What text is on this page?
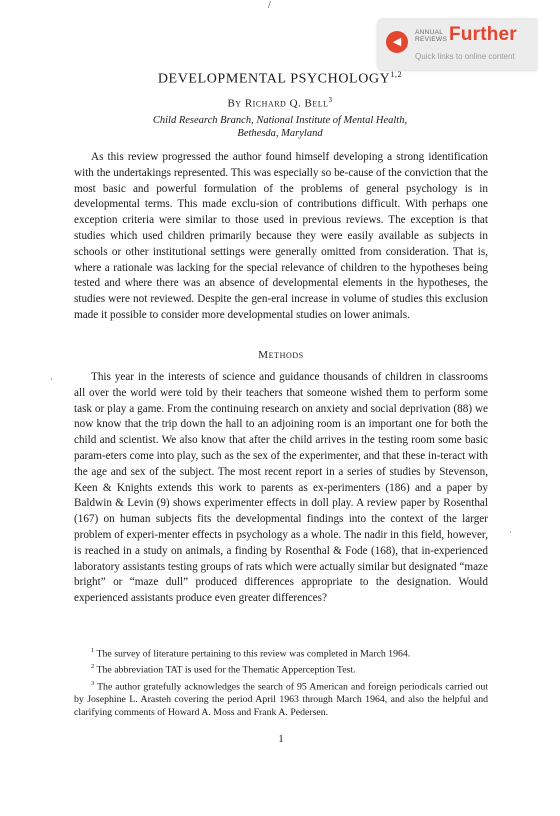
/
◀
ANNUAL
REVIEWS Further
Quick links to online content
DEVELOPMENTAL PSYCHOLOGY$^{1,2}$
By Richard Q. Bell$^3$
Child Research Branch, National Institute of Mental Health,
Bethesda, Maryland

As this review progressed the author found himself developing a strong identification with the undertakings represented. This was especially so be-cause of the conviction that the most basic and powerful formulation of the problems of general psychology is in developmental terms. This made exclu-sion of contributions difficult. With perhaps one exception criteria were similar to those used in previous reviews. The exception is that studies which used children primarily because they were easily available as subjects in schools or other institutional settings were generally omitted from consideration. That is, where a rationale was lacking for the special relevance of children to the hypotheses being tested and where there was an absence of developmental elements in the hypotheses, the studies were not reviewed. Despite the gen-eral increase in volume of studies this exclusion made it possible to consider more developmental studies on lower animals.

Methods
·
·

This year in the interests of science and guidance thousands of children in classrooms all over the world were told by their teachers that someone wished them to perform some task or play a game. From the continuing research on anxiety and social deprivation (88) we now know that the trip down the hall to an adjoining room is an important one for both the child and scientist. We also know that after the child arrives in the testing room some basic param-eters come into play, such as the sex of the experimenter, and that these in-teract with the age and sex of the subject. The most recent report in a series of studies by Stevenson, Keen & Knights extends this work to parents as ex-perimenters (186) and a paper by Baldwin & Levin (9) shows experimenter effects in doll play. A review paper by Rosenthal (167) on human subjects fits the developmental findings into the context of the larger problem of experi-menter effects in psychology as a whole. The nadir in this field, however, is reached in a study on animals, a finding by Rosenthal & Fode (168), that in-experienced laboratory assistants testing groups of rats which were actually similar but designated “maze bright” or “maze dull” produced differences appropriate to the designation. Would experienced assistants produce even greater differences?

$^1$ The survey of literature pertaining to this review was completed in March 1964.

$^2$ The abbreviation TAT is used for the Thematic Apperception Test.

$^3$ The author gratefully acknowledges the search of 95 American and foreign periodicals carried out by Josephine L. Arasteh covering the period April 1963 through March 1964, and also the helpful and clarifying comments of Howard A. Moss and Frank A. Pedersen.

1
